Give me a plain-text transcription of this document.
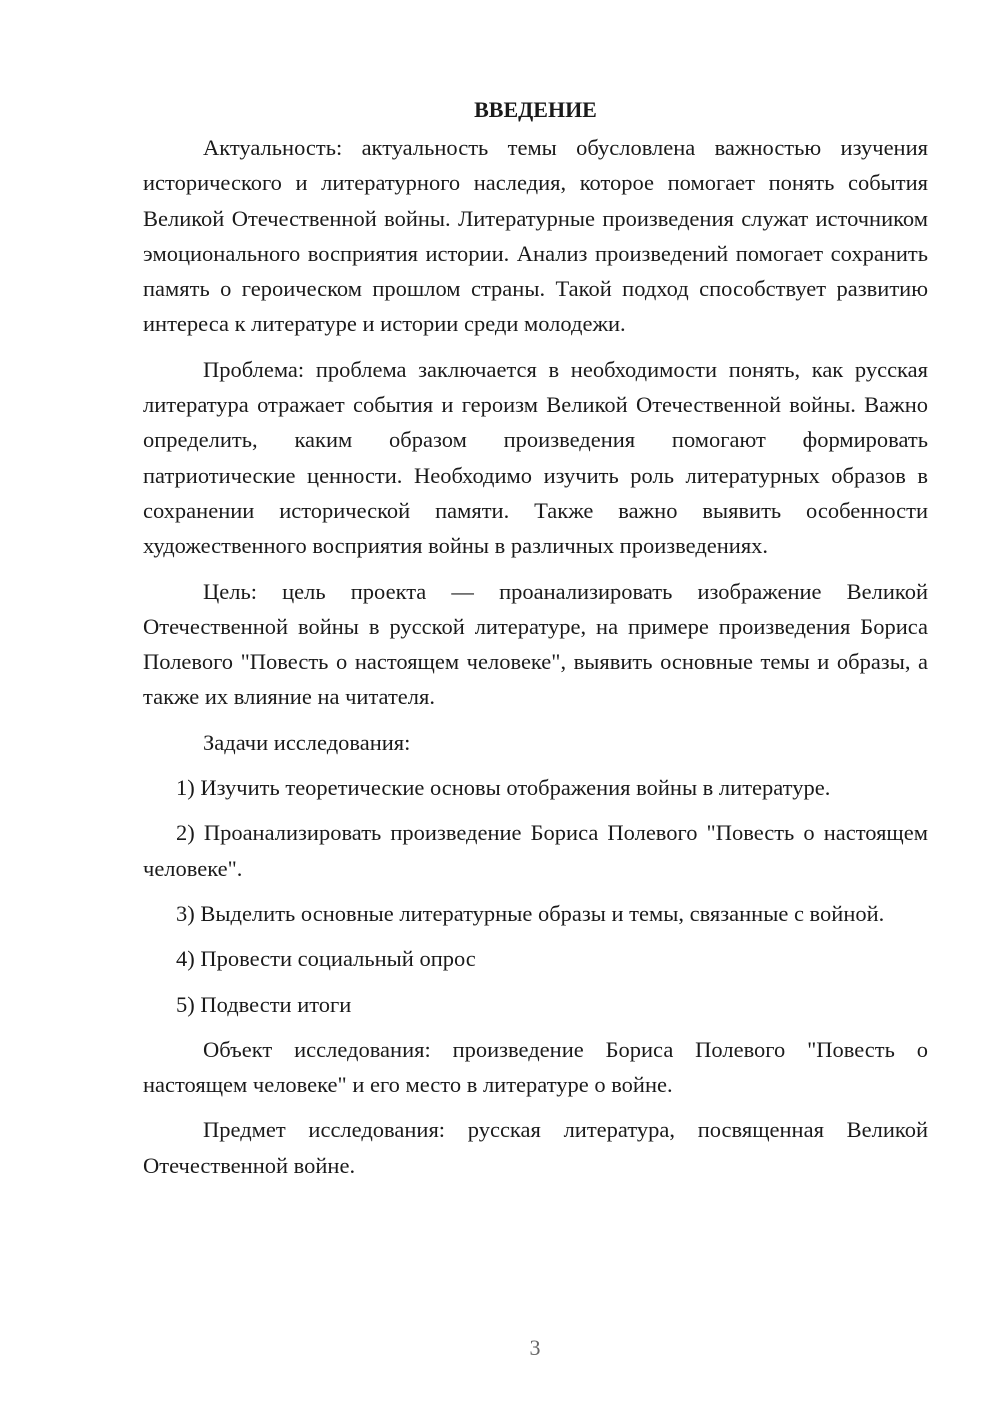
ВВЕДЕНИЕ

Актуальность: актуальность темы обусловлена важностью изучения исторического и литературного наследия, которое помогает понять события Великой Отечественной войны. Литературные произведения служат источником эмоционального восприятия истории. Анализ произведений помогает сохранить память о героическом прошлом страны. Такой подход способствует развитию интереса к литературе и истории среди молодежи.

Проблема: проблема заключается в необходимости понять, как русская литература отражает события и героизм Великой Отечественной войны. Важно определить, каким образом произведения помогают формировать патриотические ценности. Необходимо изучить роль литературных образов в сохранении исторической памяти. Также важно выявить особенности художественного восприятия войны в различных произведениях.

Цель: цель проекта — проанализировать изображение Великой Отечественной войны в русской литературе, на примере произведения Бориса Полевого "Повесть о настоящем человеке", выявить основные темы и образы, а также их влияние на читателя.

Задачи исследования:

1) Изучить теоретические основы отображения войны в литературе.

2) Проанализировать произведение Бориса Полевого "Повесть о настоящем человеке".

3) Выделить основные литературные образы и темы, связанные с войной.

4) Провести социальный опрос

5) Подвести итоги

Объект исследования: произведение Бориса Полевого "Повесть о настоящем человеке" и его место в литературе о войне.

Предмет исследования: русская литература, посвященная Великой Отечественной войне.

3
